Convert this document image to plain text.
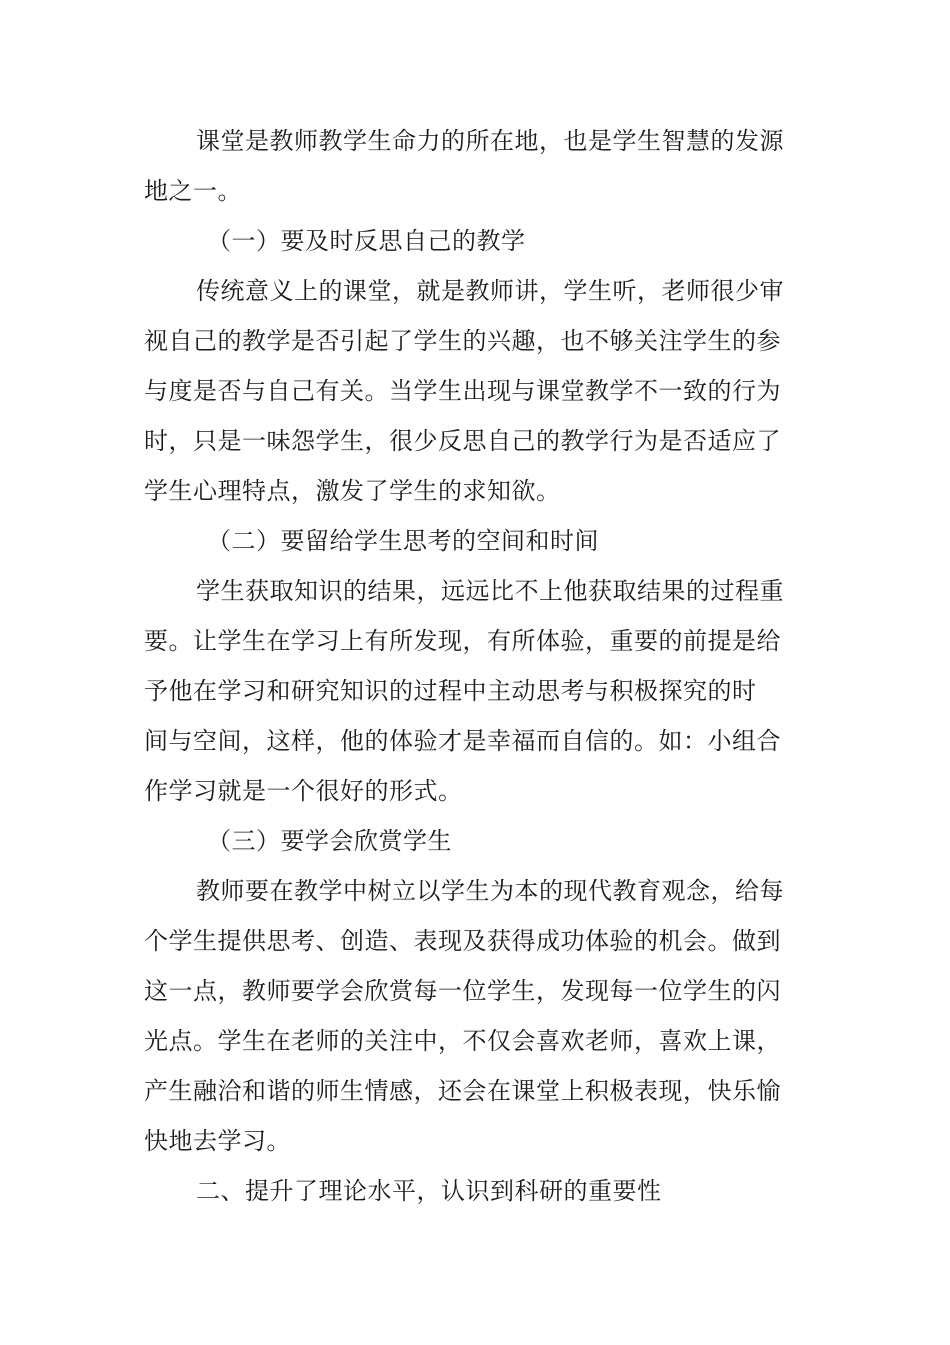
课堂是教师教学生命力的所在地，也是学生智慧的发源
地之一。
（一）要及时反思自己的教学
传统意义上的课堂，就是教师讲，学生听，老师很少审
视自己的教学是否引起了学生的兴趣，也不够关注学生的参
与度是否与自己有关。当学生出现与课堂教学不一致的行为
时，只是一味怨学生，很少反思自己的教学行为是否适应了
学生心理特点，激发了学生的求知欲。
（二）要留给学生思考的空间和时间
学生获取知识的结果，远远比不上他获取结果的过程重
要。让学生在学习上有所发现，有所体验，重要的前提是给
予他在学习和研究知识的过程中主动思考与积极探究的时
间与空间，这样，他的体验才是幸福而自信的。如：小组合
作学习就是一个很好的形式。
（三）要学会欣赏学生
教师要在教学中树立以学生为本的现代教育观念，给每
个学生提供思考、创造、表现及获得成功体验的机会。做到
这一点，教师要学会欣赏每一位学生，发现每一位学生的闪
光点。学生在老师的关注中，不仅会喜欢老师，喜欢上课，
产生融洽和谐的师生情感，还会在课堂上积极表现，快乐愉
快地去学习。
二、提升了理论水平，认识到科研的重要性
